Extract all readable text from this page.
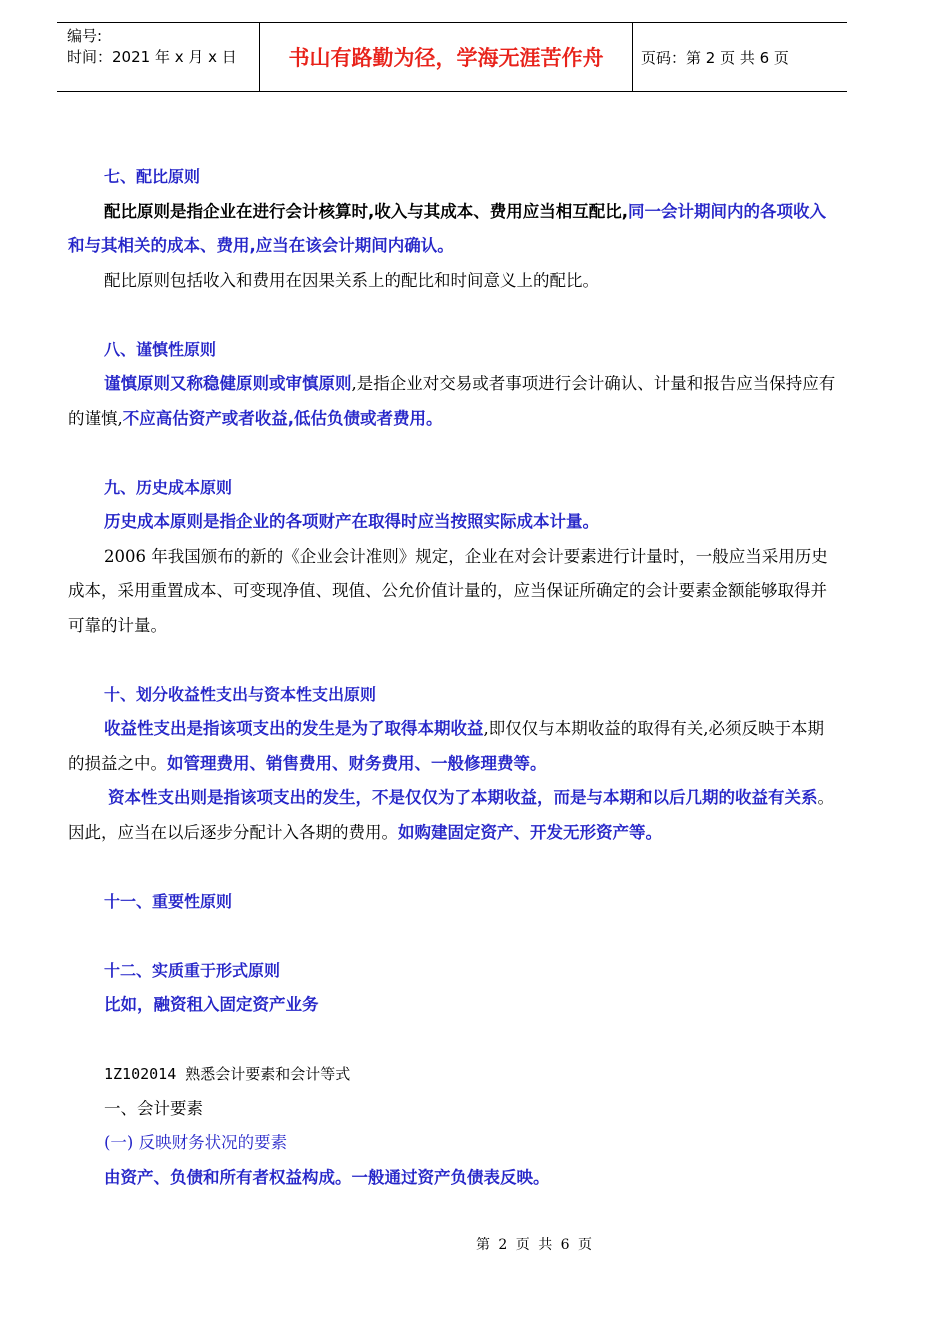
编号:
时间：2021 年 x 月 x 日	书山有路勤为径，学海无涯苦作舟	页码：第 2 页 共 6 页

七、配比原则

配比原则是指企业在进行会计核算时,收入与其成本、费用应当相互配比,同一会计期间内的各项收入和与其相关的成本、费用,应当在该会计期间内确认。

配比原则包括收入和费用在因果关系上的配比和时间意义上的配比。

八、谨慎性原则

谨慎原则又称稳健原则或审慎原则,是指企业对交易或者事项进行会计确认、计量和报告应当保持应有的谨慎,不应高估资产或者收益,低估负债或者费用。

九、历史成本原则

历史成本原则是指企业的各项财产在取得时应当按照实际成本计量。

2006 年我国颁布的新的《企业会计准则》规定，企业在对会计要素进行计量时，一般应当采用历史成本，采用重置成本、可变现净值、现值、公允价值计量的，应当保证所确定的会计要素金额能够取得并可靠的计量。

十、划分收益性支出与资本性支出原则

收益性支出是指该项支出的发生是为了取得本期收益,即仅仅与本期收益的取得有关,必须反映于本期的损益之中。如管理费用、销售费用、财务费用、一般修理费等。

资本性支出则是指该项支出的发生，不是仅仅为了本期收益，而是与本期和以后几期的收益有关系。因此，应当在以后逐步分配计入各期的费用。如购建固定资产、开发无形资产等。

十一、重要性原则

十二、实质重于形式原则

比如，融资租入固定资产业务

1Z102014 熟悉会计要素和会计等式

一、会计要素

(一) 反映财务状况的要素

由资产、负债和所有者权益构成。一般通过资产负债表反映。

第 2 页 共 6 页
